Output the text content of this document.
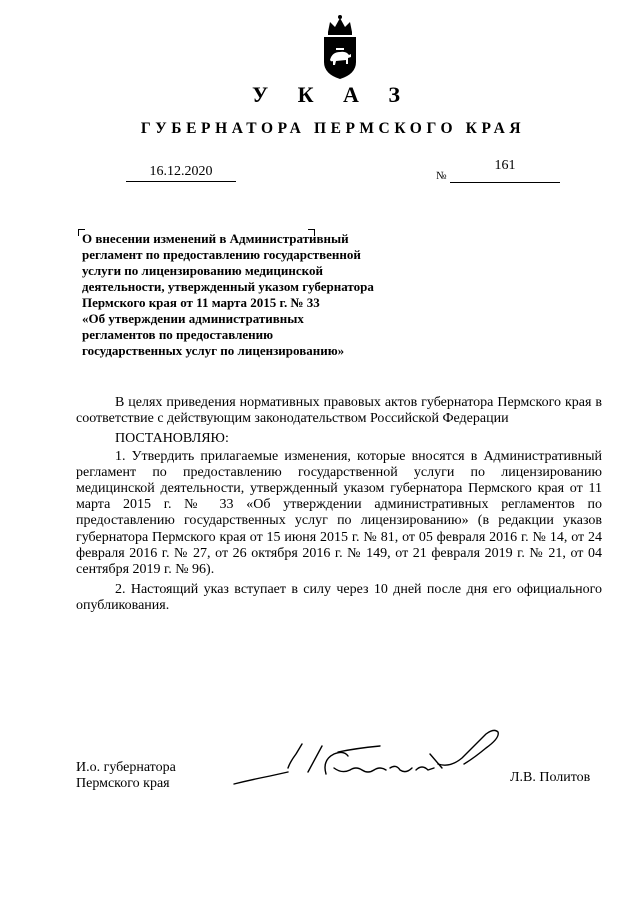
У К А З
ГУБЕРНАТОРА ПЕРМСКОГО КРАЯ
16.12.2020	№
161
О внесении изменений в Административный
регламент по предоставлению государственной
услуги по лицензированию медицинской
деятельности, утвержденный указом губернатора
Пермского края от 11 марта 2015 г. № 33
«Об утверждении административных
регламентов по предоставлению
государственных услуг по лицензированию»

В целях приведения нормативных правовых актов губернатора Пермского края в соответствие с действующим законодательством Российской Федерации

ПОСТАНОВЛЯЮ:

1. Утвердить прилагаемые изменения, которые вносятся в Административный регламент по предоставлению государственной услуги по лицензированию медицинской деятельности, утвержденный указом губернатора Пермского края от 11 марта 2015 г. № 33 «Об утверждении административных регламентов по предоставлению государственных услуг по лицензированию» (в редакции указов губернатора Пермского края от 15 июня 2015 г. № 81, от 05 февраля 2016 г. № 14, от 24 февраля 2016 г. № 27, от 26 октября 2016 г. № 149, от 21 февраля 2019 г. № 21, от 04 сентября 2019 г. № 96).

2. Настоящий указ вступает в силу через 10 дней после дня его официального опубликования.

И.о. губернатора
Пермского края	Л.В. Политов
